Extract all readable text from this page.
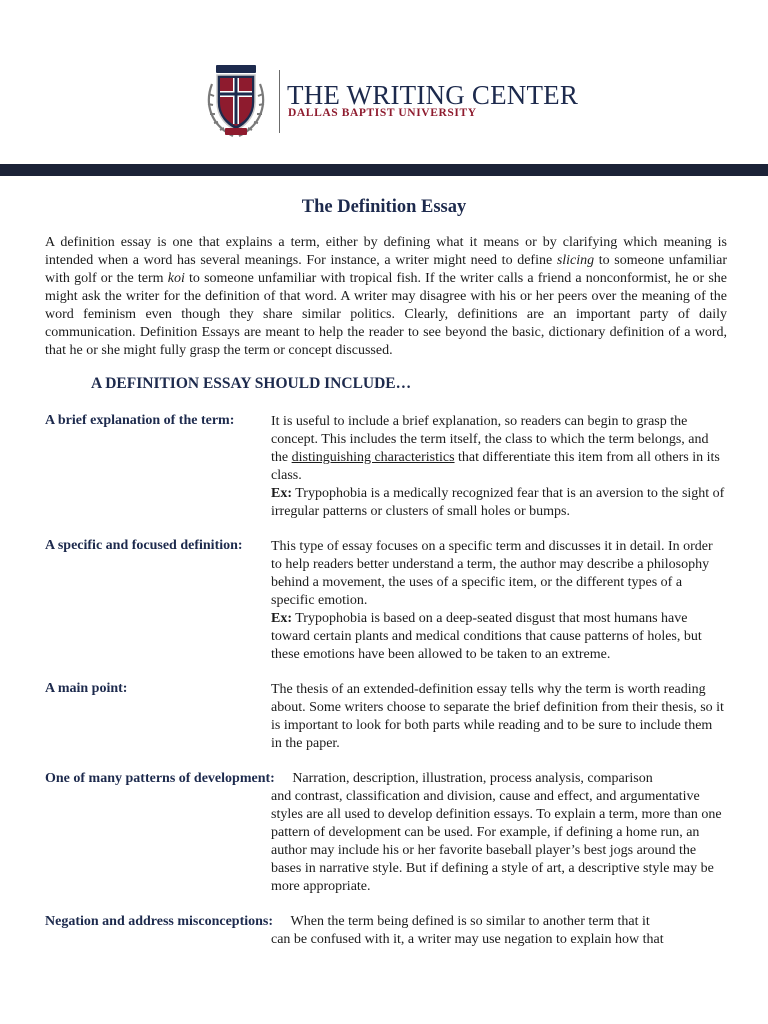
THE WRITING CENTER
DALLAS BAPTIST UNIVERSITY
The Definition Essay

A definition essay is one that explains a term, either by defining what it means or by clarifying which meaning is intended when a word has several meanings. For instance, a writer might need to define slicing to someone unfamiliar with golf or the term koi to someone unfamiliar with tropical fish. If the writer calls a friend a nonconformist, he or she might ask the writer for the definition of that word. A writer may disagree with his or her peers over the meaning of the word feminism even though they share similar politics. Clearly, definitions are an important party of daily communication. Definition Essays are meant to help the reader to see beyond the basic, dictionary definition of a word, that he or she might fully grasp the term or concept discussed.

A DEFINITION ESSAY SHOULD INCLUDE…
A brief explanation of the term:	It is useful to include a brief explanation, so readers can begin to grasp the concept. This includes the term itself, the class to which the term belongs, and the distinguishing characteristics that differentiate this item from all others in its class.
Ex: Trypophobia is a medically recognized fear that is an aversion to the sight of irregular patterns or clusters of small holes or bumps.
A specific and focused definition: This type of essay focuses on a specific term and discusses it in detail. In order to help readers better understand a term, the author may describe a philosophy behind a movement, the uses of a specific item, or the different types of a specific emotion.
Ex: Trypophobia is based on a deep-seated disgust that most humans have toward certain plants and medical conditions that cause patterns of holes, but these emotions have been allowed to be taken to an extreme.
A main point:	The thesis of an extended-definition essay tells why the term is worth reading about. Some writers choose to separate the brief definition from their thesis, so it is important to look for both parts while reading and to be sure to include them in the paper.
One of many patterns of development: Narration, description, illustration, process analysis, comparison
and contrast, classification and division, cause and effect, and argumentative styles are all used to develop definition essays. To explain a term, more than one pattern of development can be used. For example, if defining a home run, an author may include his or her favorite baseball player’s best jogs around the bases in narrative style. But if defining a style of art, a descriptive style may be more appropriate.
Negation and address misconceptions: When the term being defined is so similar to another term that it
can be confused with it, a writer may use negation to explain how that
